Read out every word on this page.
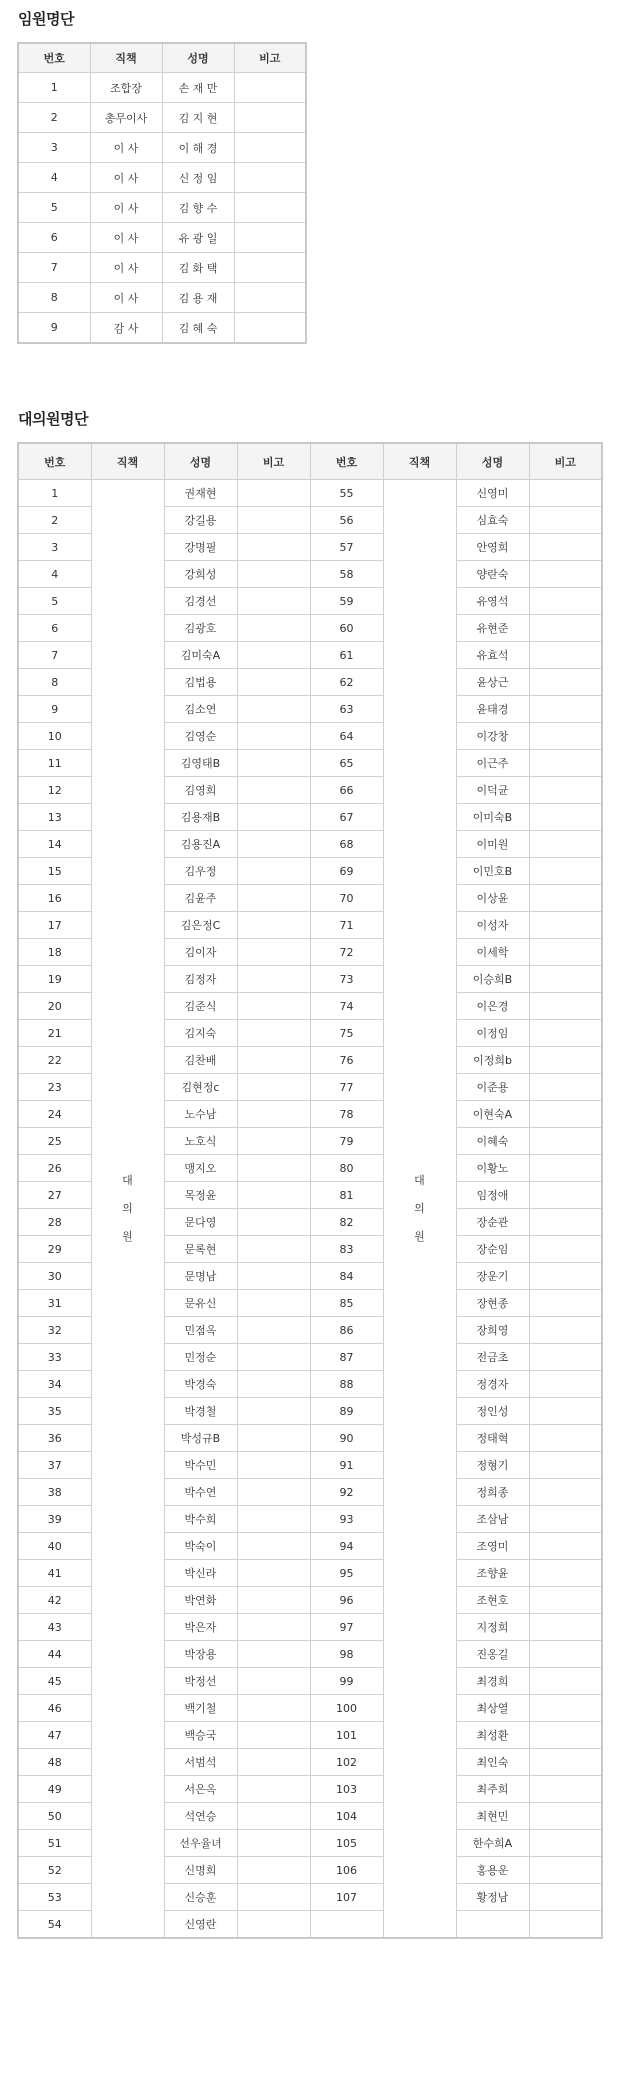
임원명단
번호	직책	성명	비고
1	조합장	손 재 만	
2	총무이사	김 지 현	
3	이 사	이 해 경	
4	이 사	신 정 임	
5	이 사	김 향 수	
6	이 사	유 광 일	
7	이 사	김 화 택	
8	이 사	김 용 재	
9	감 사	김 혜 숙	
대의원명단
번호	직책	성명	비고	번호	직책	성명	비고
1	대
의
원	권재현		55	대
의
원	신영미	
2		강길용		56		심효숙	
3		강명필		57		안영희	
4		강희성		58		양란숙	
5		김경선		59		유영석	
6		김광호		60		유현준	
7		김미숙A		61		유효석	
8		김법용		62		윤상근	
9		김소연		63		윤태경	
10		김영순		64		이강창	
11		김영태B		65		이근주	
12		김영희		66		이덕균	
13		김용재B		67		이미숙B	
14		김용진A		68		이미원	
15		김우정		69		이민호B	
16		김윤주		70		이상윤	
17		김은정C		71		이성자	
18		김이자		72		이세학	
19		김정자		73		이승희B	
20		김준식		74		이은경	
21		김지숙		75		이정임	
22		김찬배		76		이정희b	
23		김현정c		77		이준용	
24		노수남		78		이현숙A	
25		노호식		79		이혜숙	
26		맹지오		80		이황노	
27		목정윤		81		임정애	
28		문다영		82		장순관	
29		문록현		83		장순임	
30		문명남		84		장운기	
31		문유신		85		장현종	
32		민점옥		86		장희영	
33		민정순		87		전금초	
34		박경숙		88		정경자	
35		박경철		89		정인성	
36		박성규B		90		정태혁	
37		박수민		91		정형기	
38		박수연		92		정희종	
39		박수희		93		조삼남	
40		박숙이		94		조영미	
41		박신라		95		조향윤	
42		박연화		96		조현호	
43		박은자		97		지정희	
44		박장용		98		진옹길	
45		박정선		99		최경희	
46		백기철		100		최상열	
47		백승국		101		최성환	
48		서범석		102		최인숙	
49		서은옥		103		최주희	
50		석연승		104		최현민	
51		선우율녀		105		한수희A	
52		신명희		106		홍용운	
53		신승훈		107		황정남	
54		신영란					
